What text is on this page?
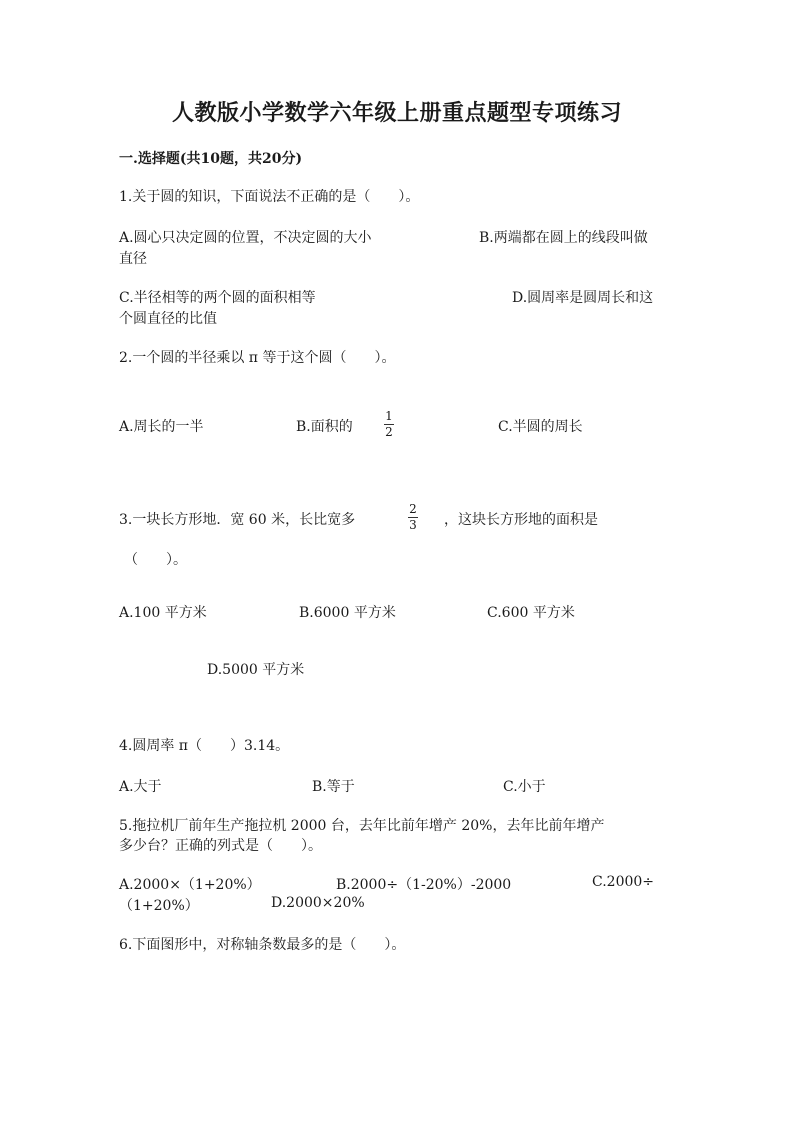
人教版小学数学六年级上册重点题型专项练习
一.选择题(共10题，共20分)
1.关于圆的知识，下面说法不正确的是（　　）。
A.圆心只决定圆的位置，不决定圆的大小	B.两端都在圆上的线段叫做
直径
C.半径相等的两个圆的面积相等	D.圆周率是圆周长和这
个圆直径的比值
2.一个圆的半径乘以 π 等于这个圆（　　）。
A.周长的一半	B.面积的
1
2	C.半圆的周长
3.一块长方形地．宽 60 米，长比宽多
2
3 ，这块长方形地的面积是
（　　）。
A.100 平方米	B.6000 平方米	C.600 平方米
D.5000 平方米
4.圆周率 π（　　）3.14。
A.大于	B.等于	C.小于
5.拖拉机厂前年生产拖拉机 2000 台，去年比前年增产 20%，去年比前年增产
多少台？正确的列式是（　　）。
A.2000×（1+20%）	B.2000÷（1-20%）-2000	C.2000÷
（1+20%）	D.2000×20%
6.下面图形中，对称轴条数最多的是（　　）。
